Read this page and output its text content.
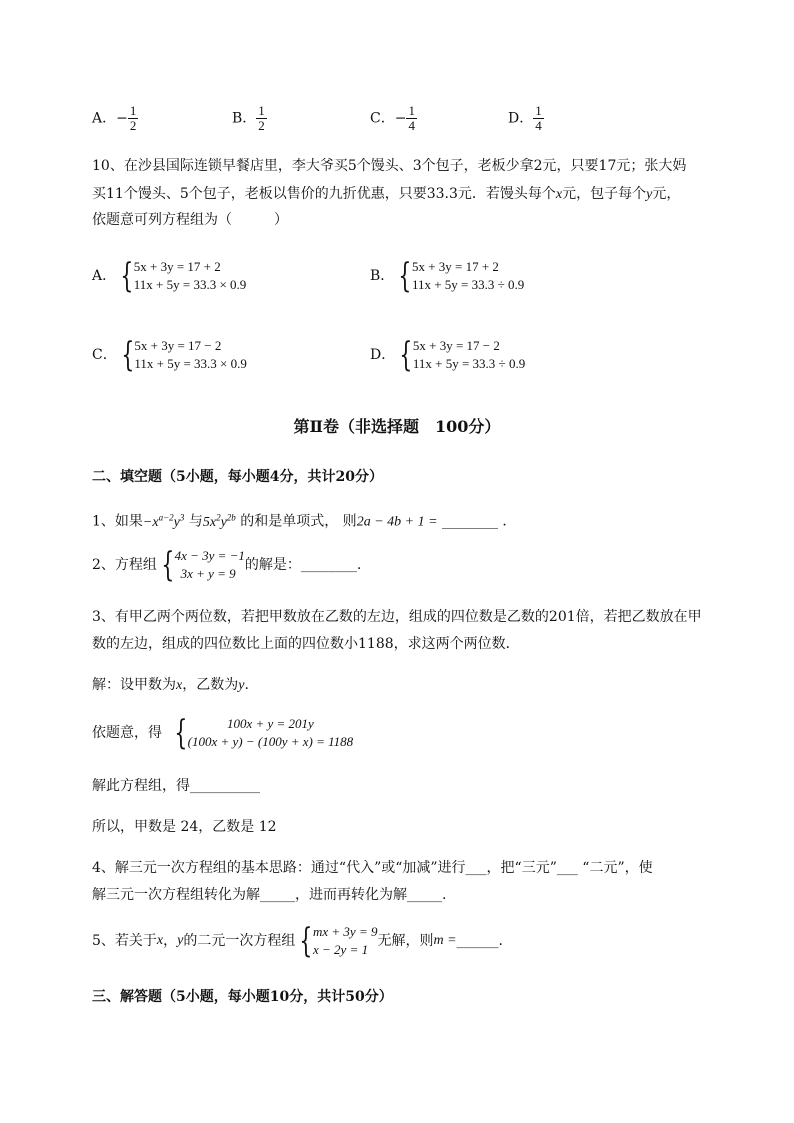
A．− $\frac{1}{2}$	B． $\frac{1}{2}$	C．− $\frac{1}{4}$	D． $\frac{1}{4}$
10、在沙县国际连锁早餐店里，李大爷买5个馒头、3个包子，老板少拿2元，只要17元；张大妈
买11个馒头、5个包子，老板以售价的九折优惠，只要33.3元．若馒头每个x元，包子每个y元，
依题意可列方程组为（　　　）
A． { 5x + 3y = 17 + 2
11x + 5y = 33.3 × 0.9
B． { 5x + 3y = 17 + 2
11x + 5y = 33.3 ÷ 0.9
C． { 5x + 3y = 17 − 2
11x + 5y = 33.3 × 0.9
D． { 5x + 3y = 17 − 2
11x + 5y = 33.3 ÷ 0.9
第Ⅱ卷（非选择题　100分）
二、填空题（5小题，每小题4分，共计20分）
1、如果$-x^{a-2}y^3$ 与$5x^2y^{2b}$ 的和是单项式， 则2a − 4b + 1 = ________ ．
2、方程组 { 4x − 3y = −1
3x + y = 9
的解是：________.
3、有甲乙两个两位数，若把甲数放在乙数的左边，组成的四位数是乙数的201倍，若把乙数放在甲
数的左边，组成的四位数比上面的四位数小1188，求这两个两位数．
解：设甲数为x，乙数为y.
依题意，得 {	100x + y = 201y
(100x + y) − (100y + x) = 1188
解此方程组，得__________
所以，甲数是 24，乙数是 12
4、解三元一次方程组的基本思路：通过“代入”或“加减”进行___，把“三元”___ “二元”，使
解三元一次方程组转化为解_____，进而再转化为解_____.
5、若关于 x ， y 的二元一次方程组 { mx + 3y = 9
x − 2y = 1
无解，则 m = ______.
三、解答题（5小题，每小题10分，共计50分）
